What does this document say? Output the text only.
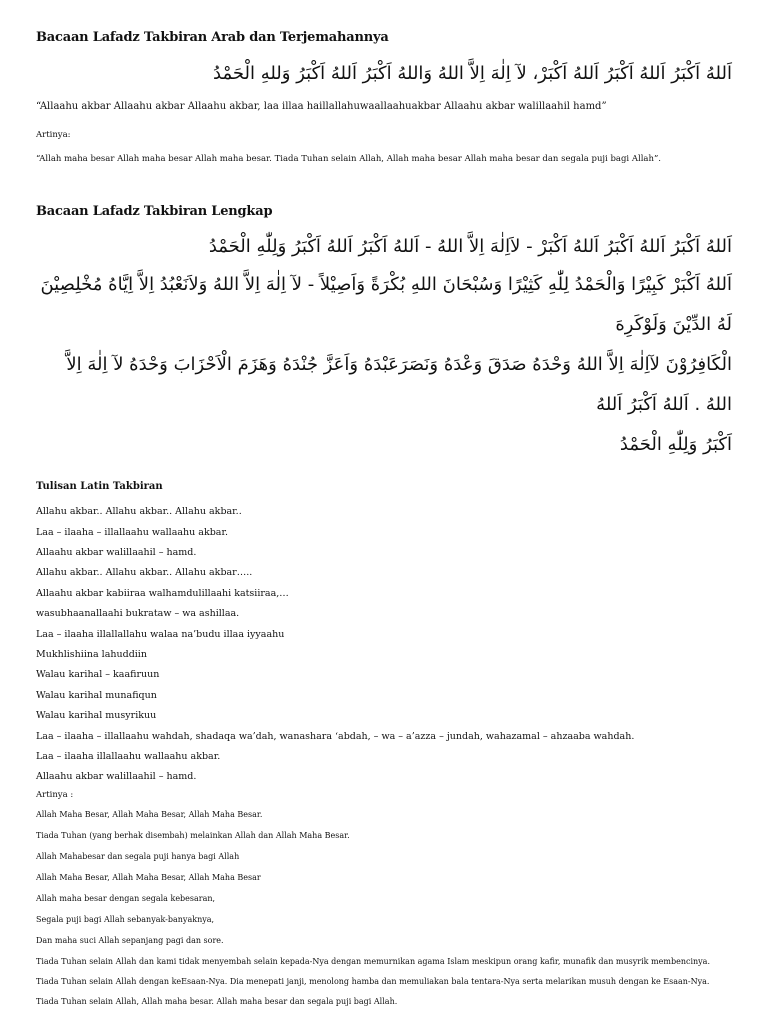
Bacaan Lafadz Takbiran Arab dan Terjemahannya

اَللهُ اَكْبَرُ اَللهُ اَكْبَرُ اَللهُ اَكْبَرْ، لآ اِلٰهَ اِلاَّ اللهُ وَاللهُ اَكْبَرُ اَللهُ اَكْبَرُ وَللهِ الْحَمْدُ

“Allaahu akbar Allaahu akbar Allaahu akbar, laa illaa haillallahuwaallaahuakbar Allaahu akbar walillaahil hamd”

Artinya:

“Allah maha besar Allah maha besar Allah maha besar. Tiada Tuhan selain Allah, Allah maha besar Allah maha besar dan segala puji bagi Allah”.

Bacaan Lafadz Takbiran Lengkap

اَللهُ اَكْبَرُ اَللهُ اَكْبَرُ اَللهُ اَكْبَرْ - لاَاِلٰهَ اِلاَّ اللهُ - اَللهُ اَكْبَرُ اَللهُ اَكْبَرُ وَلِلّٰهِ الْحَمْدُ

اَللهُ اَكْبَرْ كَبِيْرًا وَالْحَمْدُ لِلّٰهِ كَثِيْرًا وَسُبْحَانَ اللهِ بُكْرَةً وَاَصِيْلاً - لآ اِلٰهَ اِلاَّ اللهُ وَلاَنَعْبُدُ اِلاَّ اِيَّاهُ مُخْلِصِيْنَ لَهُ الدِّيْنَ وَلَوْكَرِهَ

الْكَافِرُوْنَ لآاِلٰهَ اِلاَّ اللهُ وَحْدَهُ صَدَقَ وَعْدَهُ وَنَصَرَعَبْدَهُ وَاَعَزَّ جُنْدَهُ وَهَزَمَ الْاَحْزَابَ وَحْدَهُ لآ اِلٰهَ اِلاَّ اللهُ . اَللهُ اَكْبَرُ اَللهُ

اَكْبَرُ وَلِلّٰهِ الْحَمْدُ

Tulisan Latin Takbiran

Allahu akbar.. Allahu akbar.. Allahu akbar..

Laa – ilaaha – illallaahu wallaahu akbar.

Allaahu akbar walillaahil – hamd.

Allahu akbar.. Allahu akbar.. Allahu akbar…..

Allaahu akbar kabiiraa walhamdulillaahi katsiiraa,…

wasubhaanallaahi bukrataw – wa ashillaa.

Laa – ilaaha illallallahu walaa na’budu illaa iyyaahu

Mukhlishiina lahuddiin

Walau karihal – kaafiruun

Walau karihal munafiqun

Walau karihal musyrikuu

Laa – ilaaha – illallaahu wahdah, shadaqa wa’dah, wanashara ‘abdah, – wa – a’azza – jundah, wahazamal – ahzaaba wahdah.

Laa – ilaaha illallaahu wallaahu akbar.

Allaahu akbar walillaahil – hamd.

Artinya :

Allah Maha Besar, Allah Maha Besar, Allah Maha Besar.

Tiada Tuhan (yang berhak disembah) melainkan Allah dan Allah Maha Besar.

Allah Mahabesar dan segala puji hanya bagi Allah

Allah Maha Besar, Allah Maha Besar, Allah Maha Besar

Allah maha besar dengan segala kebesaran,

Segala puji bagi Allah sebanyak-banyaknya,

Dan maha suci Allah sepanjang pagi dan sore.

Tiada Tuhan selain Allah dan kami tidak menyembah selain kepada-Nya dengan memurnikan agama Islam meskipun orang kafir, munafik dan musyrik membencinya.

Tiada Tuhan selain Allah dengan keEsaan-Nya. Dia menepati janji, menolong hamba dan memuliakan bala tentara-Nya serta melarikan musuh dengan ke Esaan-Nya. Tiada Tuhan selain Allah, Allah maha besar. Allah maha besar dan segala puji bagi Allah.
